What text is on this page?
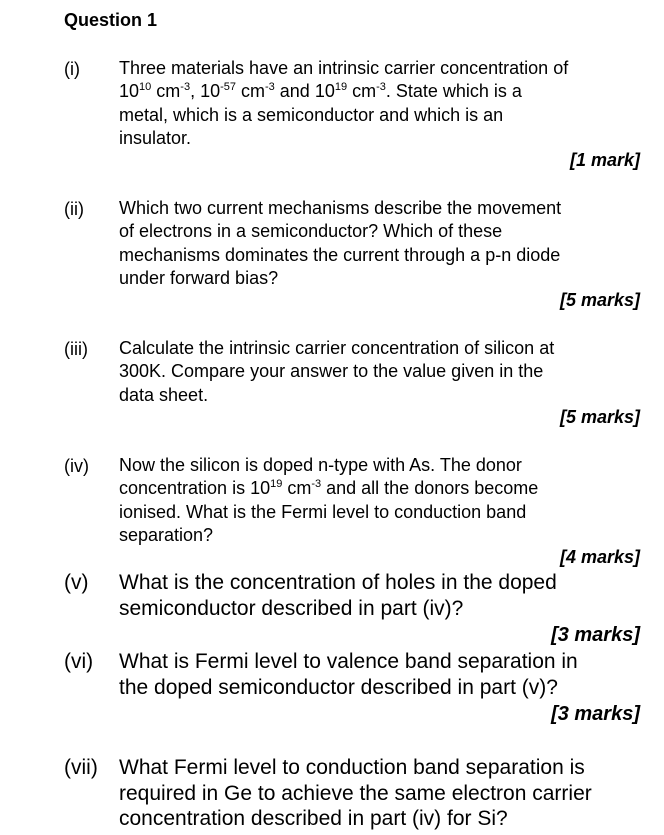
Question 1
(i) Three materials have an intrinsic carrier concentration of
$10^{10}$ $cm^{-3}$, $10^{-57}$ $cm^{-3}$ and $10^{19}$ $cm^{-3}$. State which is a
metal, which is a semiconductor and which is an
insulator.
[1 mark]
(ii) Which two current mechanisms describe the movement
of electrons in a semiconductor? Which of these
mechanisms dominates the current through a p-n diode
under forward bias?
[5 marks]
(iii) Calculate the intrinsic carrier concentration of silicon at
300K. Compare your answer to the value given in the
data sheet.
[5 marks]
(iv) Now the silicon is doped n-type with As. The donor
concentration is $10^{19}$ $cm^{-3}$ and all the donors become
ionised. What is the Fermi level to conduction band
separation?
[4 marks]
(v) What is the concentration of holes in the doped
semiconductor described in part (iv)?
[3 marks]
(vi) What is Fermi level to valence band separation in
the doped semiconductor described in part (v)?
[3 marks]
(vii) What Fermi level to conduction band separation is
required in Ge to achieve the same electron carrier
concentration described in part (iv) for Si?
